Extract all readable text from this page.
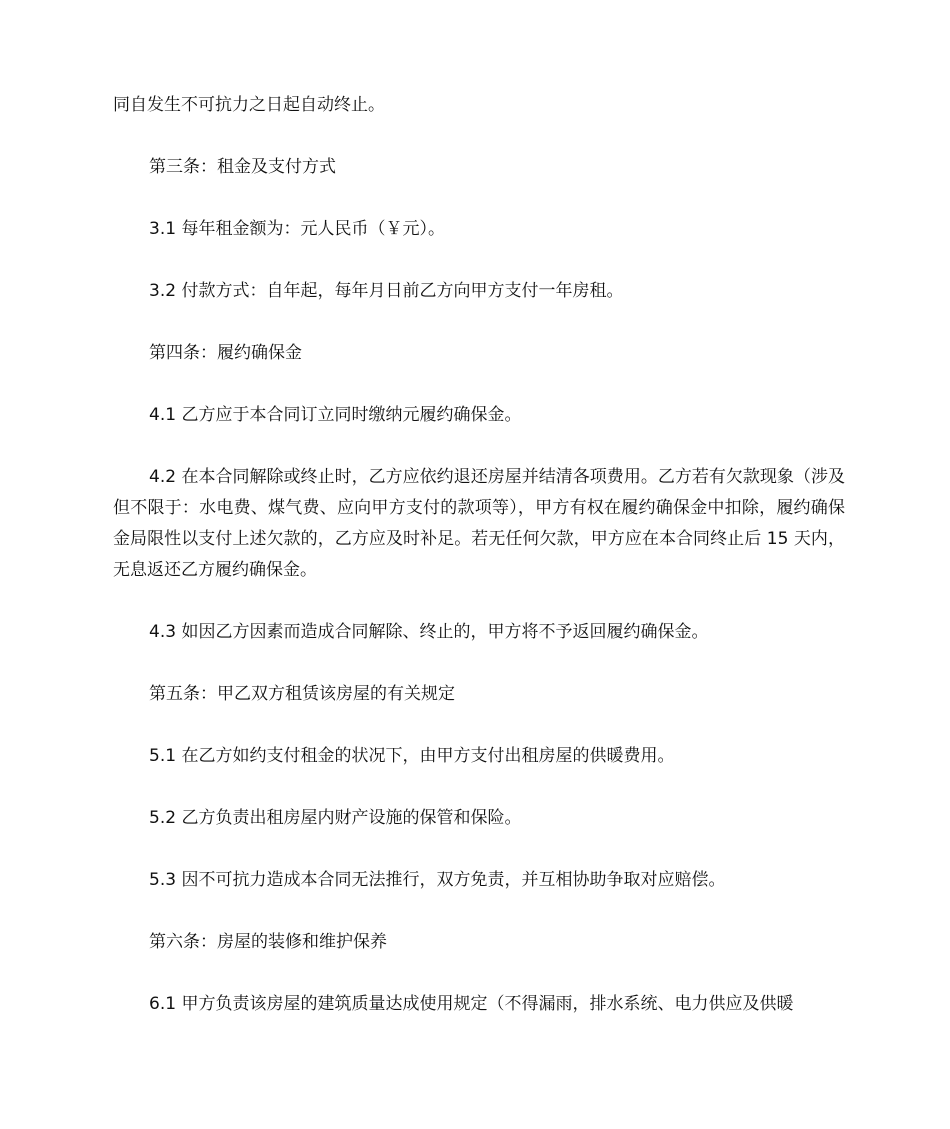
同自发生不可抗力之日起自动终止。

第三条：租金及支付方式

3.1 每年租金额为：元人民币（￥元）。

3.2 付款方式：自年起，每年月日前乙方向甲方支付一年房租。

第四条：履约确保金

4.1 乙方应于本合同订立同时缴纳元履约确保金。

4.2 在本合同解除或终止时，乙方应依约退还房屋并结清各项费用。乙方若有欠款现象（涉及但不限于：水电费、煤气费、应向甲方支付的款项等），甲方有权在履约确保金中扣除，履约确保金局限性以支付上述欠款的，乙方应及时补足。若无任何欠款，甲方应在本合同终止后 15 天内，无息返还乙方履约确保金。

4.3 如因乙方因素而造成合同解除、终止的，甲方将不予返回履约确保金。

第五条：甲乙双方租赁该房屋的有关规定

5.1 在乙方如约支付租金的状况下，由甲方支付出租房屋的供暖费用。

5.2 乙方负责出租房屋内财产设施的保管和保险。

5.3 因不可抗力造成本合同无法推行，双方免责，并互相协助争取对应赔偿。

第六条：房屋的装修和维护保养

6.1 甲方负责该房屋的建筑质量达成使用规定（不得漏雨，排水系统、电力供应及供暖
